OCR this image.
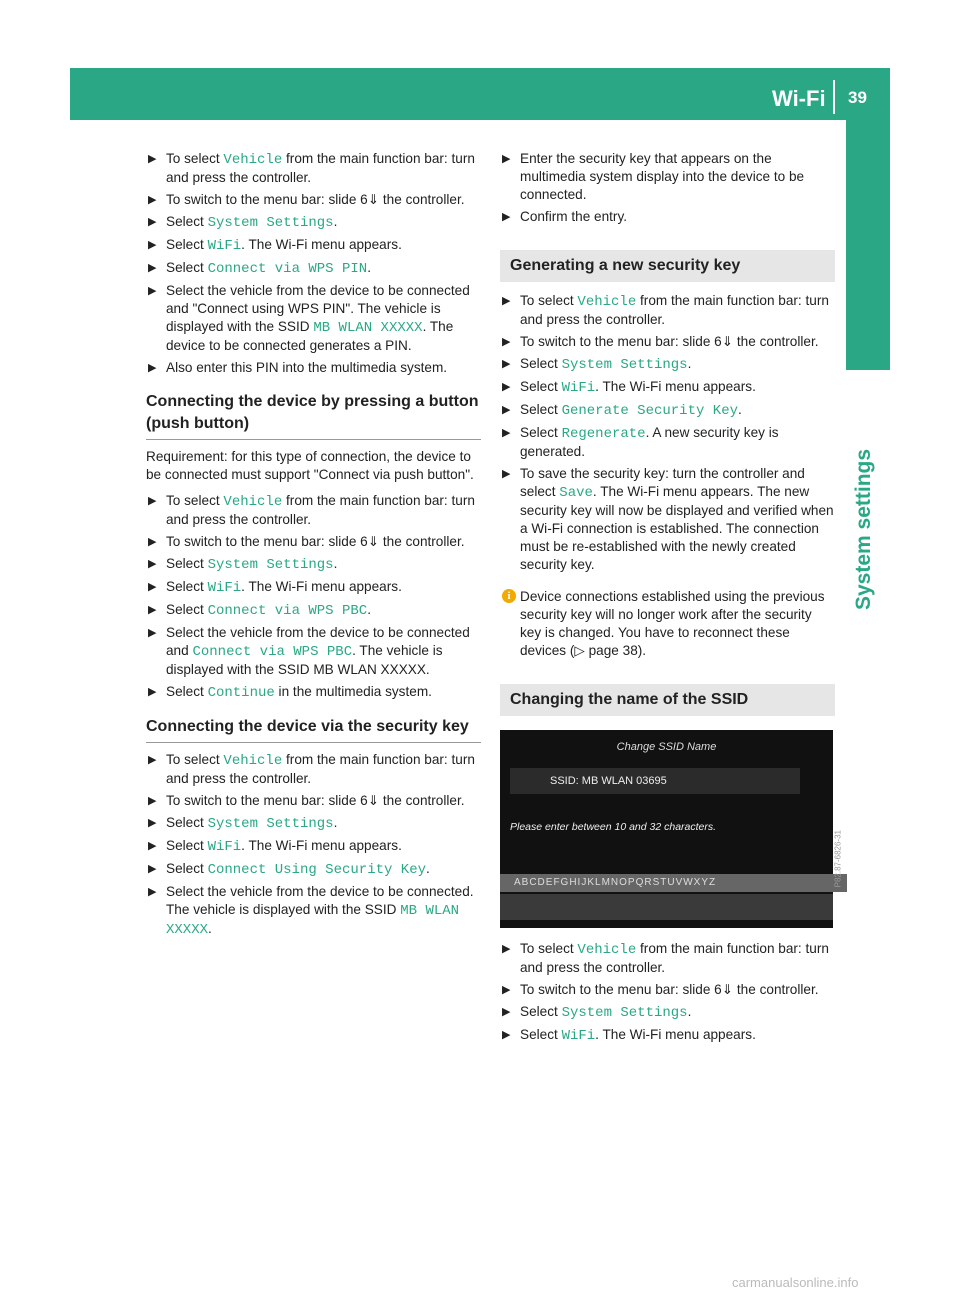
Wi-Fi 39
System settings
▶ To select Vehicle from the main function bar: turn and press the controller.
▶ To switch to the menu bar: slide 6⇓ the controller.
▶ Select System Settings.
▶ Select WiFi. The Wi-Fi menu appears.
▶ Select Connect via WPS PIN.
▶ Select the vehicle from the device to be connected and "Connect using WPS PIN". The vehicle is displayed with the SSID MB WLAN XXXXX. The device to be connected generates a PIN.
▶ Also enter this PIN into the multimedia system.
Connecting the device by pressing a button (push button)
Requirement: for this type of connection, the device to be connected must support "Connect via push button".
▶ To select Vehicle from the main function bar: turn and press the controller.
▶ To switch to the menu bar: slide 6⇓ the controller.
▶ Select System Settings.
▶ Select WiFi. The Wi-Fi menu appears.
▶ Select Connect via WPS PBC.
▶ Select the vehicle from the device to be connected and Connect via WPS PBC. The vehicle is displayed with the SSID MB WLAN XXXXX.
▶ Select Continue in the multimedia system.
Connecting the device via the security key
▶ To select Vehicle from the main function bar: turn and press the controller.
▶ To switch to the menu bar: slide 6⇓ the controller.
▶ Select System Settings.
▶ Select WiFi. The Wi-Fi menu appears.
▶ Select Connect Using Security Key.
▶ Select the vehicle from the device to be connected. The vehicle is displayed with the SSID MB WLAN XXXXX.
▶ Enter the security key that appears on the multimedia system display into the device to be connected.
▶ Confirm the entry.
Generating a new security key
▶ To select Vehicle from the main function bar: turn and press the controller.
▶ To switch to the menu bar: slide 6⇓ the controller.
▶ Select System Settings.
▶ Select WiFi. The Wi-Fi menu appears.
▶ Select Generate Security Key.
▶ Select Regenerate. A new security key is generated.
▶ To save the security key: turn the controller and select Save. The Wi-Fi menu appears. The new security key will now be displayed and verified when a Wi-Fi connection is established. The connection must be re-established with the newly created security key.
i Device connections established using the previous security key will no longer work after the security key is changed. You have to reconnect these devices (▷ page 38).
Changing the name of the SSID
Change SSID Name
SSID: MB WLAN 03695
Please enter between 10 and 32 characters.
ABCDEFGHIJKLMNOPQRSTUVWXYZ	P82.87-6826-31
▶ To select Vehicle from the main function bar: turn and press the controller.
▶ To switch to the menu bar: slide 6⇓ the controller.
▶ Select System Settings.
▶ Select WiFi. The Wi-Fi menu appears.
carmanualsonline.info
